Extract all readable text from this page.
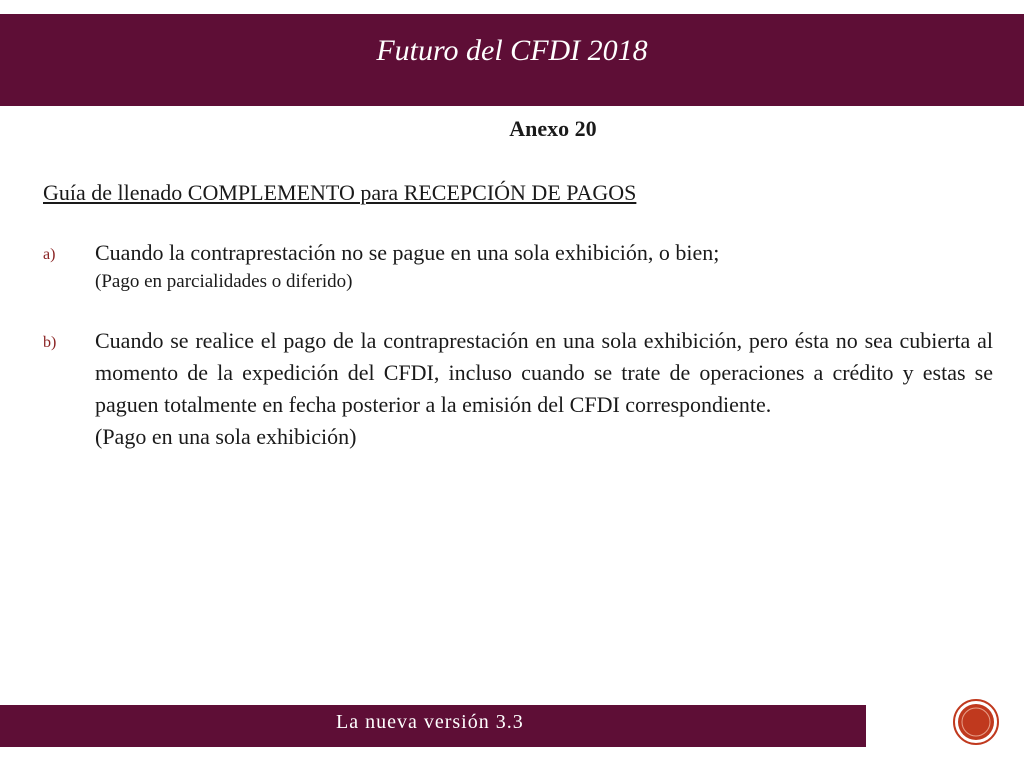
Futuro del CFDI 2018
Anexo 20
Guía de llenado COMPLEMENTO para RECEPCIÓN DE PAGOS
a) Cuando la contraprestación no se pague en una sola exhibición, o bien;
(Pago en parcialidades o diferido)
b) Cuando se realice el pago de la contraprestación en una sola exhibición, pero ésta no sea cubierta al momento de la expedición del CFDI, incluso cuando se trate de operaciones a crédito y estas se paguen totalmente en fecha posterior a la emisión del CFDI correspondiente.
(Pago en una sola exhibición)
La nueva versión 3.3
